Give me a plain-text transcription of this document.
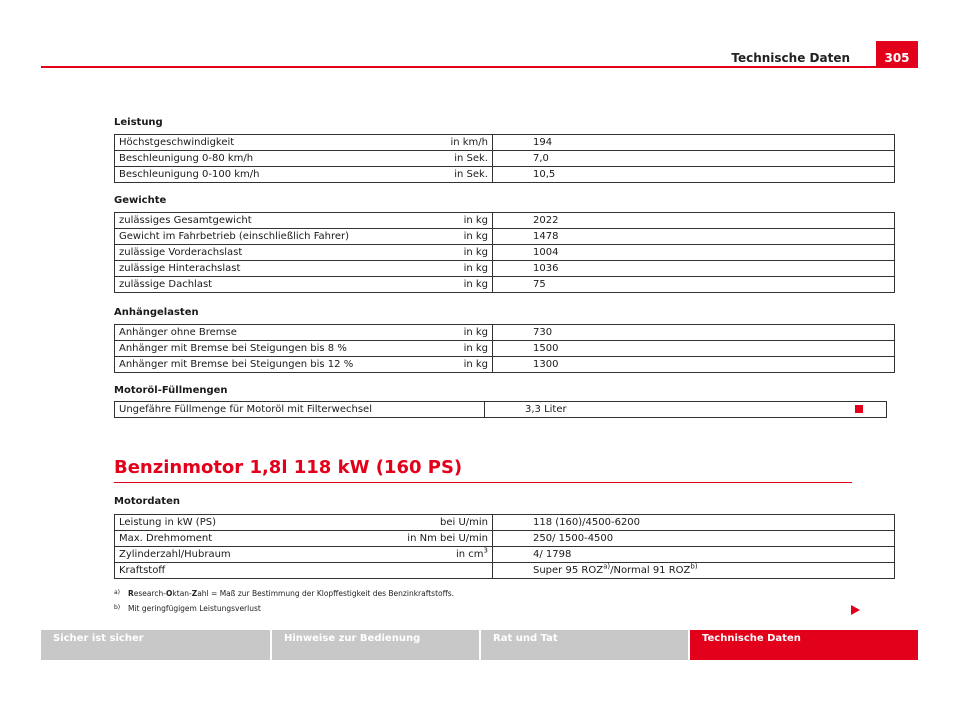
Technische Daten	305
Leistung
Höchstgeschwindigkeit	in km/h	194
Beschleunigung 0-80 km/h	in Sek.	7,0
Beschleunigung 0-100 km/h	in Sek.	10,5
Gewichte
zulässiges Gesamtgewicht	in kg	2022
Gewicht im Fahrbetrieb (einschließlich Fahrer)	in kg	1478
zulässige Vorderachslast	in kg	1004
zulässige Hinterachslast	in kg	1036
zulässige Dachlast	in kg	75
Anhängelasten
Anhänger ohne Bremse	in kg	730
Anhänger mit Bremse bei Steigungen bis 8 %	in kg	1500
Anhänger mit Bremse bei Steigungen bis 12 %	in kg	1300
Motoröl-Füllmengen
Ungefähre Füllmenge für Motoröl mit Filterwechsel	3,3 Liter
Benzinmotor 1,8l 118 kW (160 PS)
Motordaten
Leistung in kW (PS)	bei U/min	118 (160)/4500-6200
Max. Drehmoment	in Nm bei U/min	250/ 1500-4500
Zylinderzahl/Hubraum	in $cm^3$	4/ 1798
Kraftstoff		Super 95 ROZ$^{a)}$/Normal 91 ROZ$^{b)}$
a) Research-Oktan-Zahl = Maß zur Bestimmung der Klopffestigkeit des Benzinkraftstoffs.
b) Mit geringfügigem Leistungsverlust
Sicher ist sicher	Hinweise zur Bedienung	Rat und Tat	Technische Daten
